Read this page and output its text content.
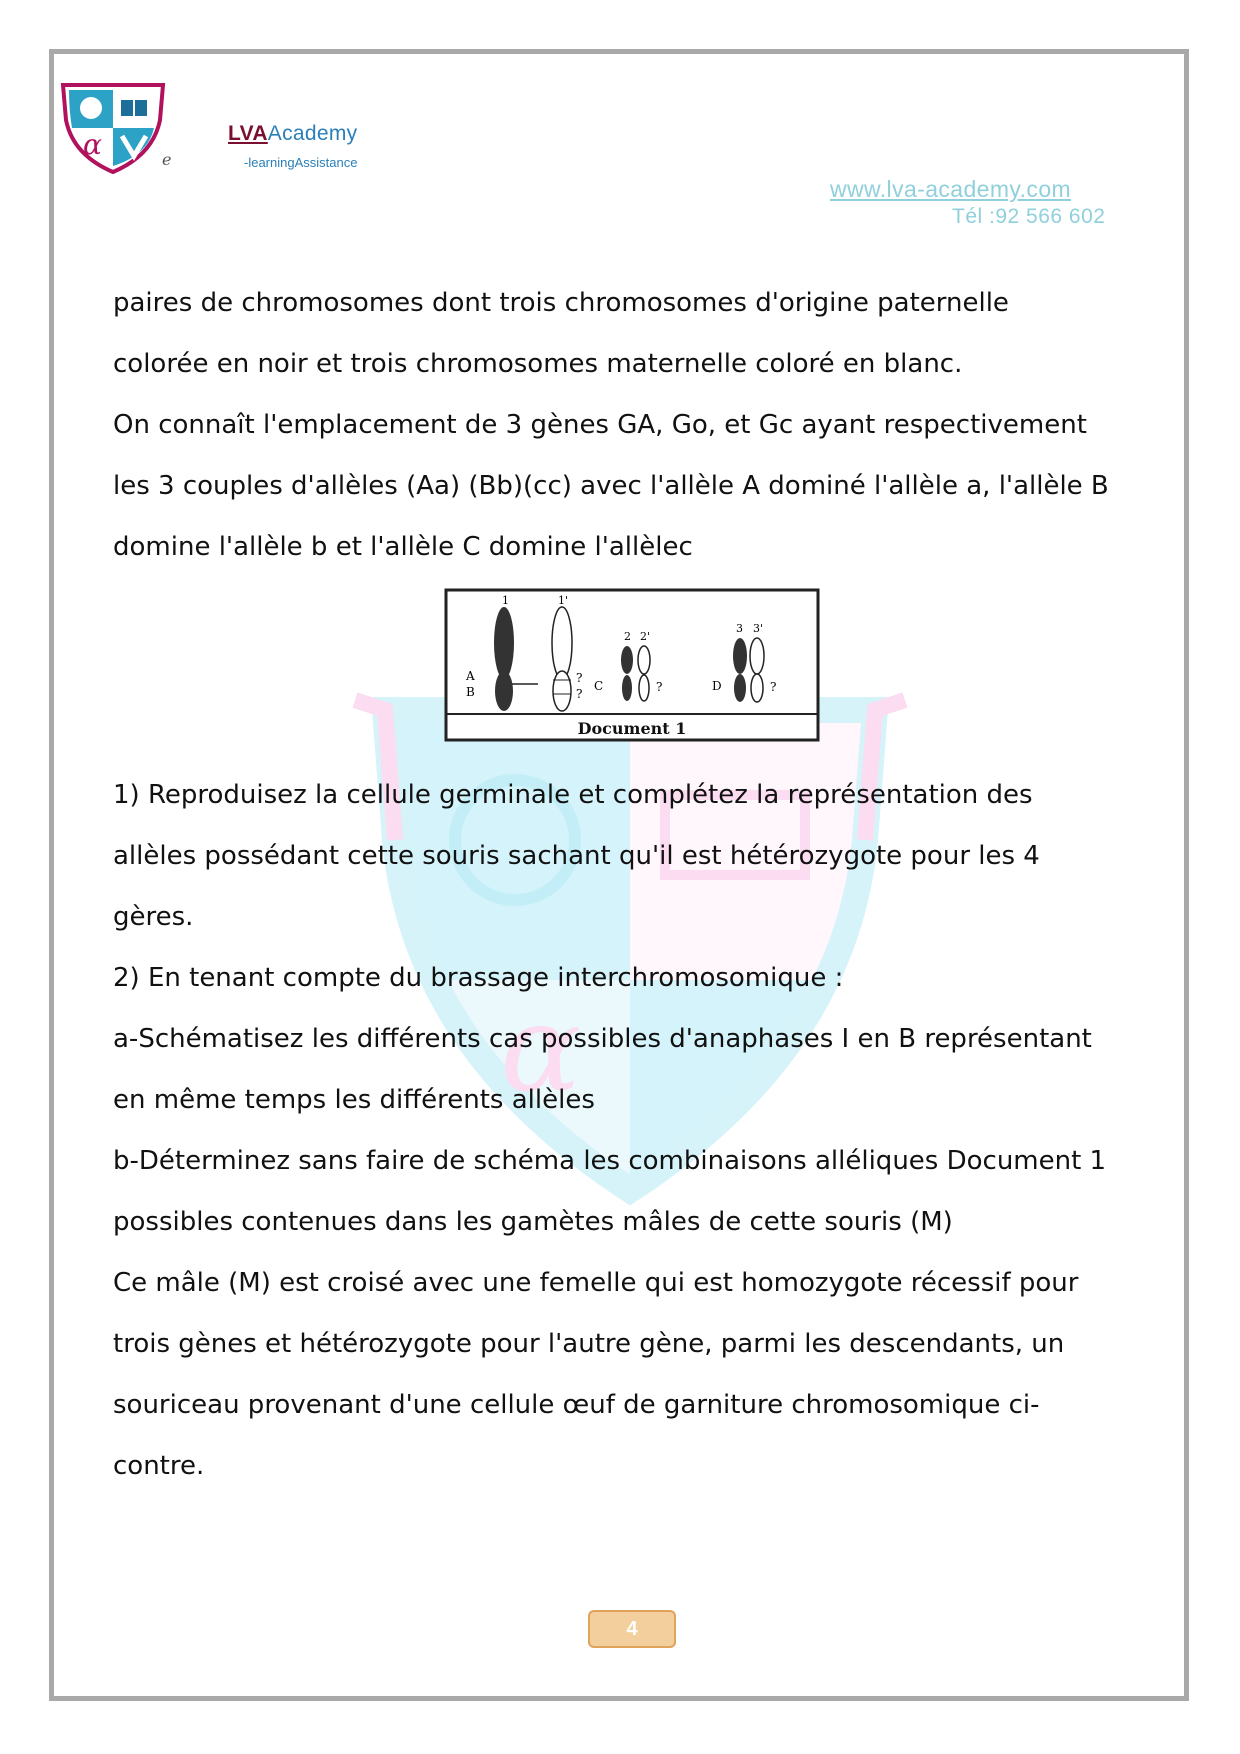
α
α	e
LVAAcademy
-learningAssistance
www.lva-academy.com
Tél :92 566 602

paires de chromosomes dont trois chromosomes d'origine paternelle

colorée en noir et trois chromosomes maternelle coloré en blanc.

On connaît l'emplacement de 3 gènes GA, Go, et Gc ayant respectivement

les 3 couples d'allèles (Aa) (Bb)(cc) avec l'allèle A dominé l'allèle a, l'allèle B

domine l'allèle b et l'allèle C domine l'allèlec

Document 1
1
A
B
1'
?
?
C
2 2'
?	D
3 3'
?

1) Reproduisez la cellule germinale et complétez la représentation des

allèles possédant cette souris sachant qu'il est hétérozygote pour les 4

gères.

2) En tenant compte du brassage interchromosomique :

a-Schématisez les différents cas possibles d'anaphases I en B représentant

en même temps les différents allèles

b-Déterminez sans faire de schéma les combinaisons alléliques Document 1

possibles contenues dans les gamètes mâles de cette souris (M)

Ce mâle (M) est croisé avec une femelle qui est homozygote récessif pour

trois gènes et hétérozygote pour l'autre gène, parmi les descendants, un

souriceau provenant d'une cellule œuf de garniture chromosomique ci-

contre.

4
